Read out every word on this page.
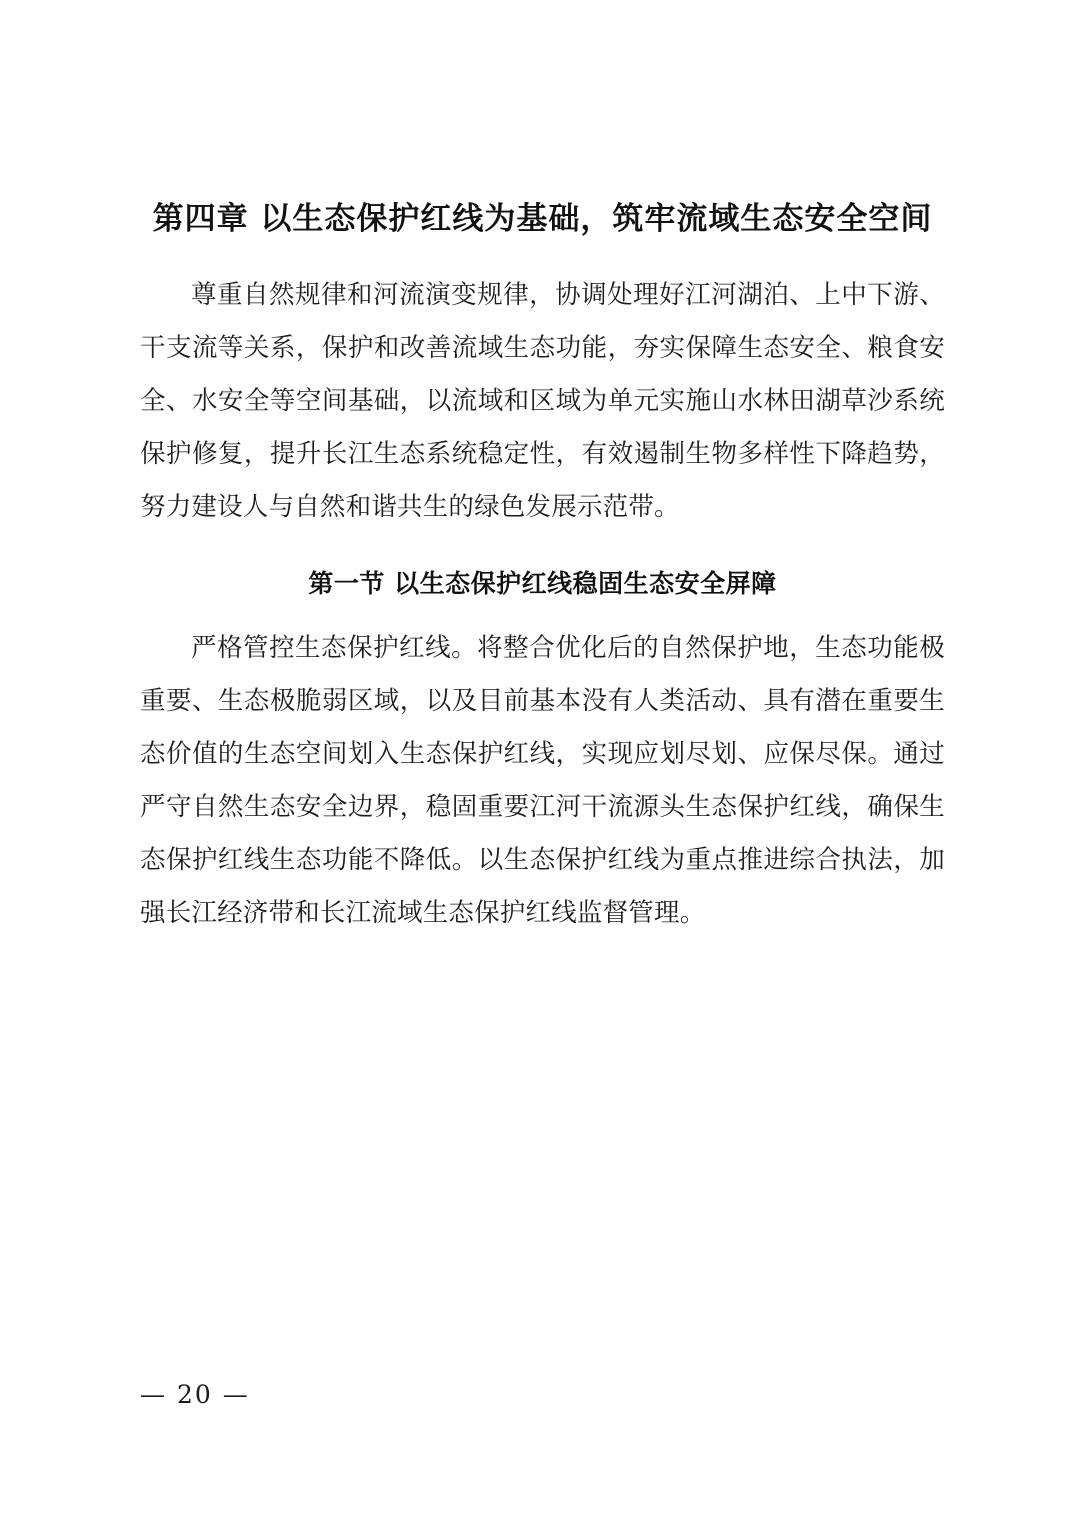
第四章 以生态保护红线为基础，筑牢流域生态安全空间

尊重自然规律和河流演变规律，协调处理好江河湖泊、上中下游、干支流等关系，保护和改善流域生态功能，夯实保障生态安全、粮食安全、水安全等空间基础，以流域和区域为单元实施山水林田湖草沙系统保护修复，提升长江生态系统稳定性，有效遏制生物多样性下降趋势，努力建设人与自然和谐共生的绿色发展示范带。

第一节 以生态保护红线稳固生态安全屏障

严格管控生态保护红线。将整合优化后的自然保护地，生态功能极重要、生态极脆弱区域，以及目前基本没有人类活动、具有潜在重要生态价值的生态空间划入生态保护红线，实现应划尽划、应保尽保。通过严守自然生态安全边界，稳固重要江河干流源头生态保护红线，确保生态保护红线生态功能不降低。以生态保护红线为重点推进综合执法，加强长江经济带和长江流域生态保护红线监督管理。

— 20 —
